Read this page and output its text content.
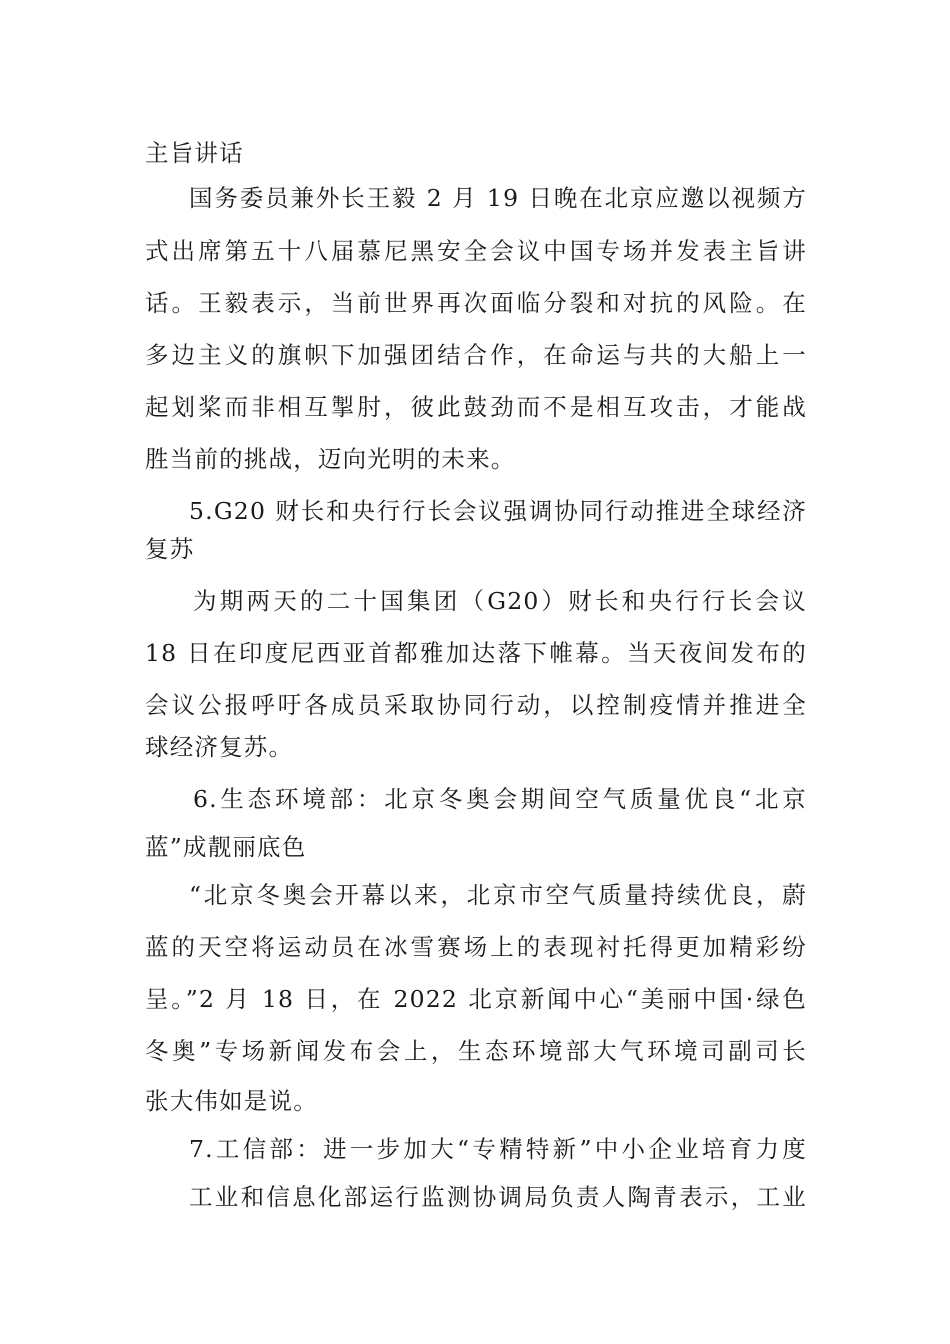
主旨讲话
国务委员兼外长王毅 2 月 19 日晚在北京应邀以视频方
式出席第五十八届慕尼黑安全会议中国专场并发表主旨讲
话。王毅表示，当前世界再次面临分裂和对抗的风险。在
多边主义的旗帜下加强团结合作，在命运与共的大船上一
起划桨而非相互掣肘，彼此鼓劲而不是相互攻击，才能战
胜当前的挑战，迈向光明的未来。
5.G20 财长和央行行长会议强调协同行动推进全球经济
复苏
为期两天的二十国集团（G20）财长和央行行长会议
18 日在印度尼西亚首都雅加达落下帷幕。当天夜间发布的
会议公报呼吁各成员采取协同行动，以控制疫情并推进全
球经济复苏。
6.生态环境部：北京冬奥会期间空气质量优良“北京
蓝”成靓丽底色
“北京冬奥会开幕以来，北京市空气质量持续优良，蔚
蓝的天空将运动员在冰雪赛场上的表现衬托得更加精彩纷
呈。”2 月 18 日，在 2022 北京新闻中心“美丽中国·绿色
冬奥”专场新闻发布会上，生态环境部大气环境司副司长
张大伟如是说。
7.工信部：进一步加大“专精特新”中小企业培育力度
工业和信息化部运行监测协调局负责人陶青表示，工业
